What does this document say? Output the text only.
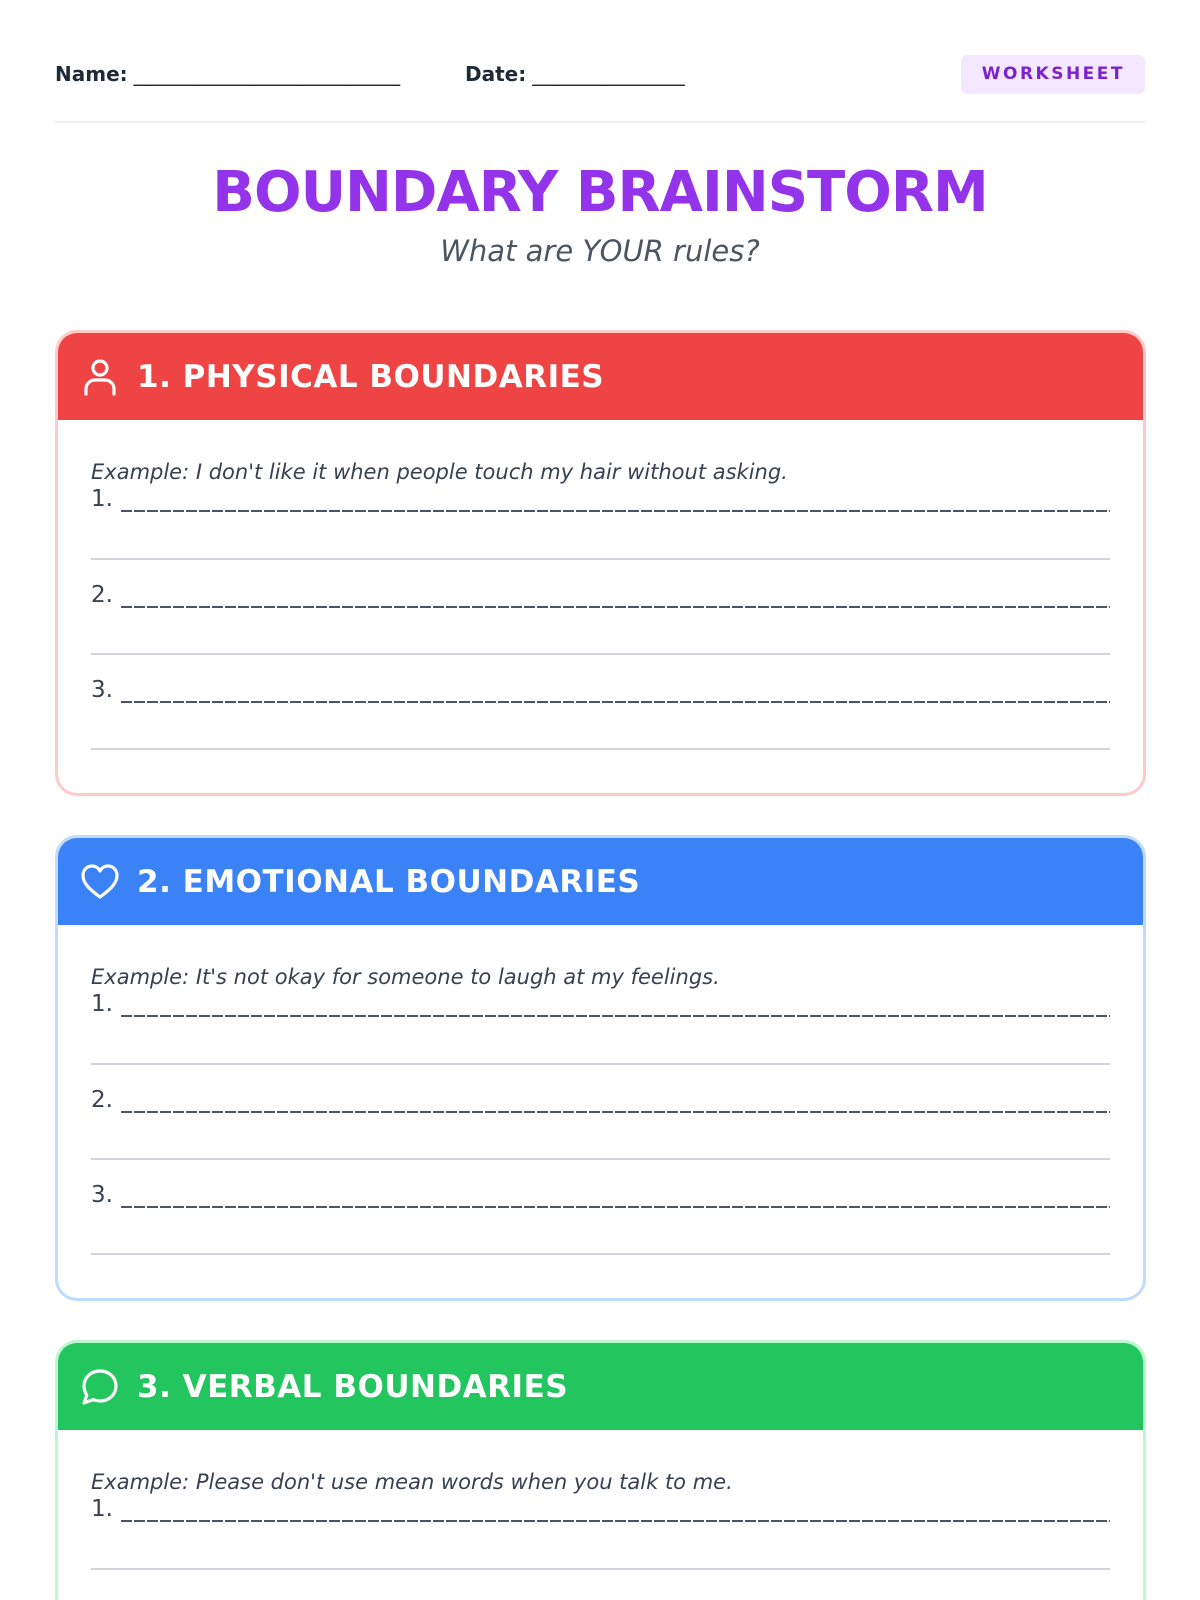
Name: ____________________________	Date: ________________	WORKSHEET
BOUNDARY BRAINSTORM
What are YOUR rules?
1. PHYSICAL BOUNDARIES
Example: I don't like it when people touch my hair without asking.
1.
2.
3.
2. EMOTIONAL BOUNDARIES
Example: It's not okay for someone to laugh at my feelings.
1.
2.
3.
3. VERBAL BOUNDARIES
Example: Please don't use mean words when you talk to me.
1.
